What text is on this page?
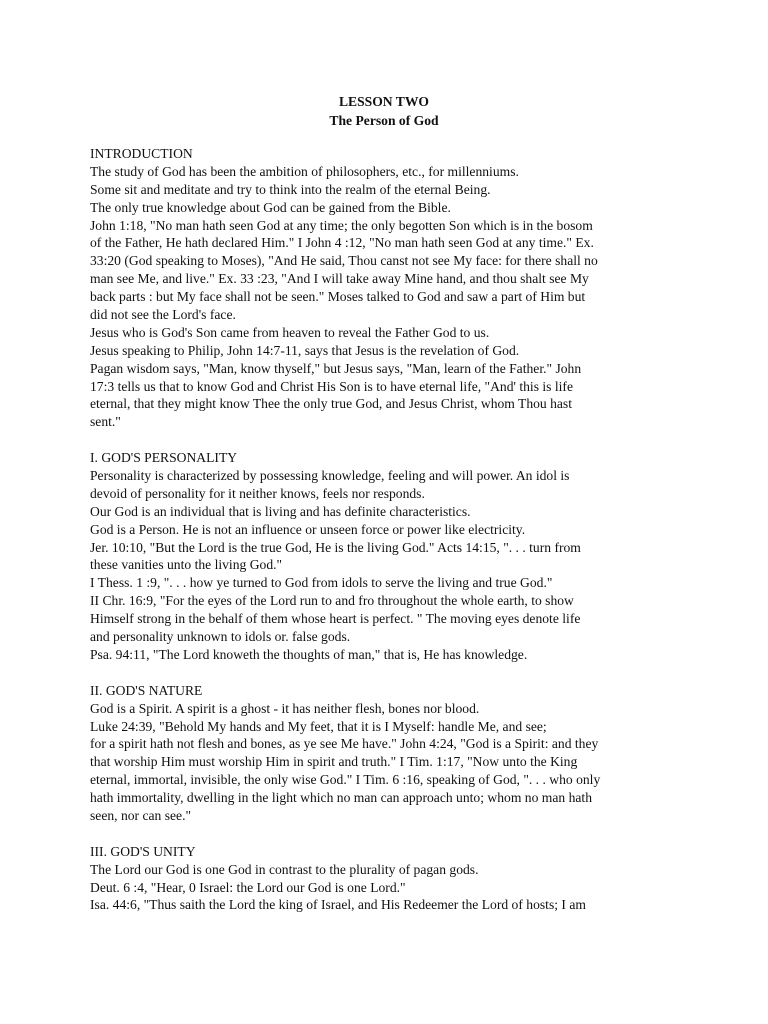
LESSON TWO
The Person of God
INTRODUCTION
The study of God has been the ambition of philosophers, etc., for millenniums.
Some sit and meditate and try to think into the realm of the eternal Being.
The only true knowledge about God can be gained from the Bible.
John 1:18, "No man hath seen God at any time; the only begotten Son which is in the bosom
of the Father, He hath declared Him." I John 4 :12, "No man hath seen God at any time." Ex.
33:20 (God speaking to Moses), "And He said, Thou canst not see My face: for there shall no
man see Me, and live." Ex. 33 :23, "And I will take away Mine hand, and thou shalt see My
back parts : but My face shall not be seen." Moses talked to God and saw a part of Him but
did not see the Lord's face.
Jesus who is God's Son came from heaven to reveal the Father God to us.
Jesus speaking to Philip, John 14:7-11, says that Jesus is the revelation of God.
Pagan wisdom says, "Man, know thyself," but Jesus says, "Man, learn of the Father." John
17:3 tells us that to know God and Christ His Son is to have eternal life, "And' this is life
eternal, that they might know Thee the only true God, and Jesus Christ, whom Thou hast
sent."
I. GOD'S PERSONALITY
Personality is characterized by possessing knowledge, feeling and will power. An idol is
devoid of personality for it neither knows, feels nor responds.
Our God is an individual that is living and has definite characteristics.
God is a Person. He is not an influence or unseen force or power like electricity.
Jer. 10:10, "But the Lord is the true God, He is the living God." Acts 14:15, ". . . turn from
these vanities unto the living God."
I Thess. 1 :9, ". . . how ye turned to God from idols to serve the living and true God."
II Chr. 16:9, "For the eyes of the Lord run to and fro throughout the whole earth, to show
Himself strong in the behalf of them whose heart is perfect. " The moving eyes denote life
and personality unknown to idols or. false gods.
Psa. 94:11, "The Lord knoweth the thoughts of man," that is, He has knowledge.
II. GOD'S NATURE
God is a Spirit. A spirit is a ghost - it has neither flesh, bones nor blood.
Luke 24:39, "Behold My hands and My feet, that it is I Myself: handle Me, and see;
for a spirit hath not flesh and bones, as ye see Me have." John 4:24, "God is a Spirit: and they
that worship Him must worship Him in spirit and truth." I Tim. 1:17, "Now unto the King
eternal, immortal, invisible, the only wise God." I Tim. 6 :16, speaking of God, ". . . who only
hath immortality, dwelling in the light which no man can approach unto; whom no man hath
seen, nor can see."
III. GOD'S UNITY
The Lord our God is one God in contrast to the plurality of pagan gods.
Deut. 6 :4, "Hear, 0 Israel: the Lord our God is one Lord."
Isa. 44:6, "Thus saith the Lord the king of Israel, and His Redeemer the Lord of hosts; I am
